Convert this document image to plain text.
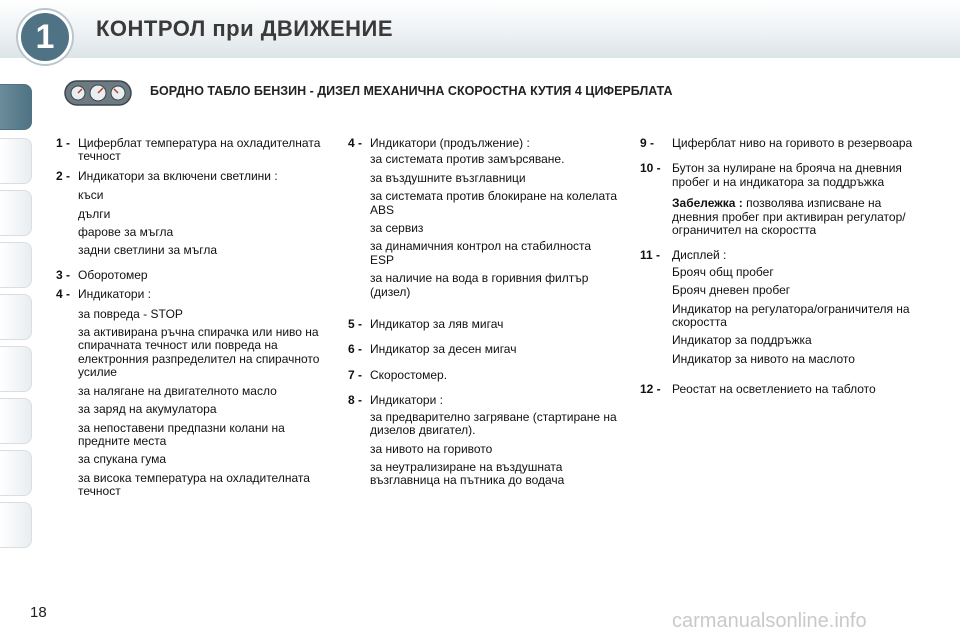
1	КОНТРОЛ при ДВИЖЕНИЕ
БОРДНО ТАБЛО БЕНЗИН - ДИЗЕЛ МЕХАНИЧНА СКОРОСТНА КУТИЯ 4 ЦИФЕРБЛАТА
1 - Циферблат температура на охладителната течност
2 - Индикатори за включени светлини :
къси
дълги
фарове за мъгла
задни светлини за мъгла
3 - Оборотомер
4 - Индикатори :
за повреда - STOP
за активирана ръчна спирачка или ниво на спирачната течност или повреда на електронния разпределител на спирачното усилие
за налягане на двигателното масло
за заряд на акумулатора
за непоставени предпазни колани на предните места
за спукана гума
за висока температура на охладителната течност
4 - Индикатори (продължение) :
за системата против замърсяване.
за въздушните възглавници
за системата против блокиране на колелата ABS
за сервиз
за динамичния контрол на стабилноста ESP
за наличие на вода в горивния филтър (дизел)
5 - Индикатор за ляв мигач
6 - Индикатор за десен мигач
7 - Скоростомер.
8 - Индикатори :
за предварително загряване (стартиране на дизелов двигател).
за нивото на горивото
за неутрализиране на въздушната възглавница на пътника до водача
9 -	Циферблат ниво на горивото в резервоара
10 - Бутон за нулиране на брояча на дневния пробег и на индикатора за поддръжка
Забележка : позволява изписване на дневния пробег при активиран регулатор/ограничител на скоростта
11 - Дисплей :
Брояч общ пробег
Брояч дневен пробег
Индикатор на регулатора/ограничителя на скоростта
Индикатор за поддръжка
Индикатор за нивото на маслото
12 - Реостат на осветлението на таблото
18	carmanualsonline.info
